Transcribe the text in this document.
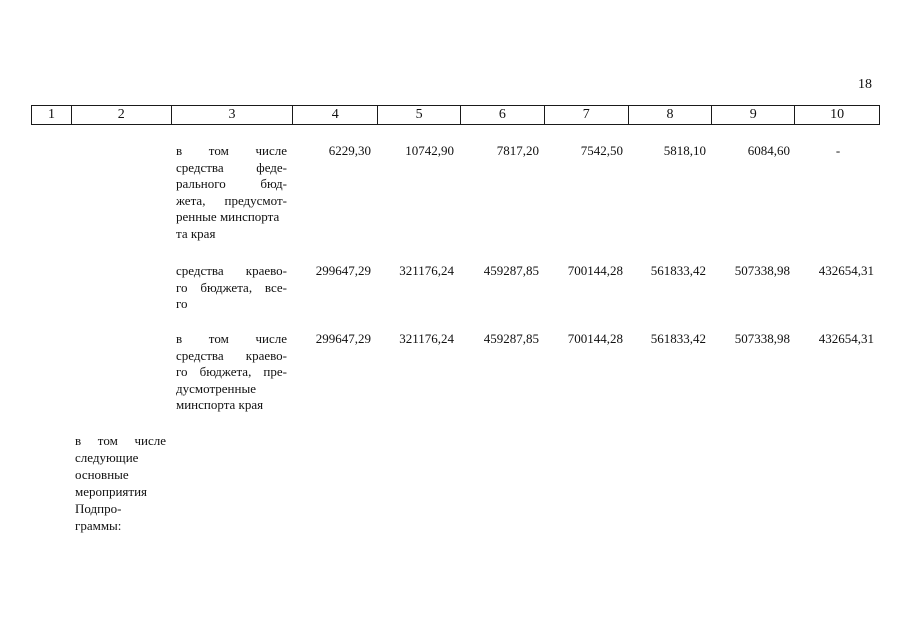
18
1	2	3	4	5	6	7	8	9	10
в том числе
средства феде-
рального бюд-
жета, предусмот-
ренные минспорта
та края
6229,30	10742,90	7817,20	7542,50	5818,10	6084,60	-
средства краево-
го бюджета, все-
го
299647,29	321176,24	459287,85	700144,28	561833,42	507338,98	432654,31
в том числе
средства краево-
го бюджета, пре-
дусмотренные
минспорта края
299647,29	321176,24	459287,85	700144,28	561833,42	507338,98	432654,31
в том числе
следующие
основные
мероприятия
Подпро-
граммы:
